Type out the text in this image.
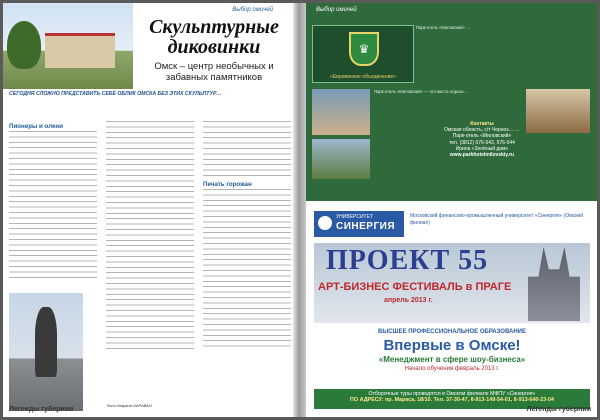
Выбор омичей
Скульптурные диковинки
Омск – центр необычных и забавных памятников
СЕГОДНЯ СЛОЖНО ПРЕДСТАВИТЬ СЕБЕ ОБЛИК ОМСКА БЕЗ ЭТИХ СКУЛЬПТУР…
Пионеры и олени
Печать горожан
Фото Марины КАРАВАН
Легенды губернии
Выбор омичей
♛
«Евровинное объединение»
Парк-отель «Миловский» …
Парк-отель «Миловский» — это место отдыха …
Контакты
Омская область, с/т Черноз… …
Парк-отель «Миловский»
тел. (3812) 576-543, 576-544
Ирина «Зелёный дом»
www.parkhotelmilovskiy.ru
УНИВЕРСИТЕТ
СИНЕРГИЯ
Московский финансово-промышленный университет «Синергия» (Омский филиал)
ПРОЕКТ 55
АРТ-БИЗНЕС ФЕСТИВАЛЬ в ПРАГЕ
апрель 2013 г.
ВЫСШЕЕ ПРОФЕССИОНАЛЬНОЕ ОБРАЗОВАНИЕ
Впервые в Омске!
«Менеджмент в сфере шоу-бизнеса»
Начало обучения февраль 2013 г.
Отборочные туры проводятся в Омском филиале МФПУ «Синергия»
ПО АДРЕСУ: пр. Маркса, 18/10. Тел. 37-30-47, 8-913-149-54-01, 8-913-640-23-04
Легенды губернии
